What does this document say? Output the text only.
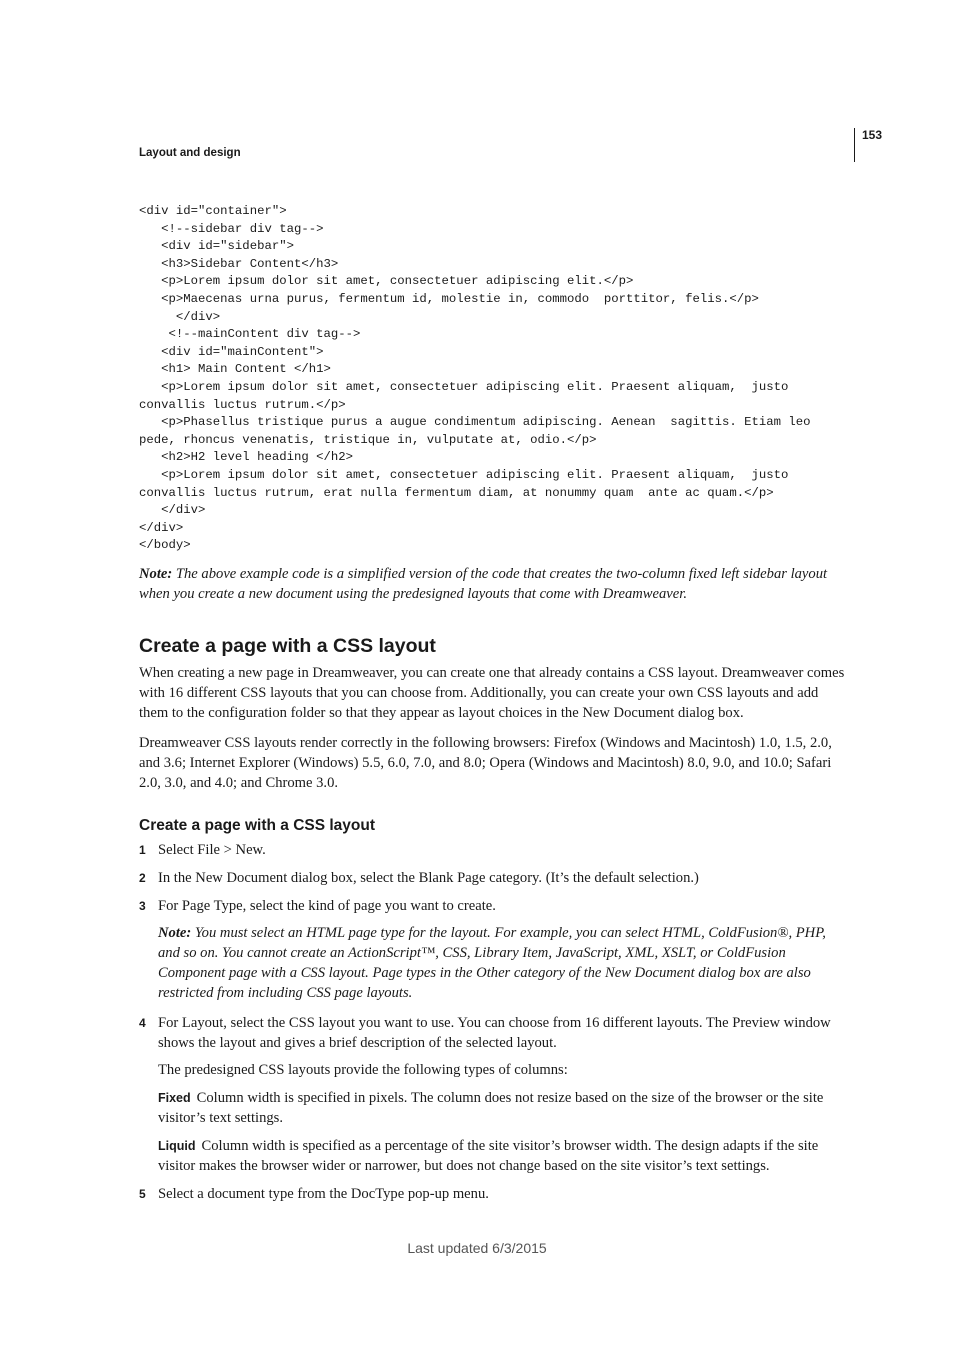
153
Layout and design
<div id="container">
<!--sidebar div tag-->
<div id="sidebar">
<h3>Sidebar Content</h3>
<p>Lorem ipsum dolor sit amet, consectetuer adipiscing elit.</p>
<p>Maecenas urna purus, fermentum id, molestie in, commodo  porttitor, felis.</p>
</div>
<!--mainContent div tag-->
<div id="mainContent">
<h1> Main Content </h1>
<p>Lorem ipsum dolor sit amet, consectetuer adipiscing elit. Praesent aliquam,  justo
convallis luctus rutrum.</p>
<p>Phasellus tristique purus a augue condimentum adipiscing. Aenean  sagittis. Etiam leo
pede, rhoncus venenatis, tristique in, vulputate at, odio.</p>
<h2>H2 level heading </h2>
<p>Lorem ipsum dolor sit amet, consectetuer adipiscing elit. Praesent aliquam,  justo
convallis luctus rutrum, erat nulla fermentum diam, at nonummy quam  ante ac quam.</p>
</div>
</div>
</body>

Note: The above example code is a simplified version of the code that creates the two-column fixed left sidebar layout when you create a new document using the predesigned layouts that come with Dreamweaver.

Create a page with a CSS layout

When creating a new page in Dreamweaver, you can create one that already contains a CSS layout. Dreamweaver comes with 16 different CSS layouts that you can choose from. Additionally, you can create your own CSS layouts and add them to the configuration folder so that they appear as layout choices in the New Document dialog box.

Dreamweaver CSS layouts render correctly in the following browsers: Firefox (Windows and Macintosh) 1.0, 1.5, 2.0, and 3.6; Internet Explorer (Windows) 5.5, 6.0, 7.0, and 8.0; Opera (Windows and Macintosh) 8.0, 9.0, and 10.0; Safari 2.0, 3.0, and 4.0; and Chrome 3.0.

Create a page with a CSS layout
1 Select File > New.

2 In the New Document dialog box, select the Blank Page category. (It’s the default selection.)

3 For Page Type, select the kind of page you want to create.

Note: You must select an HTML page type for the layout. For example, you can select HTML, ColdFusion®, PHP, and so on. You cannot create an ActionScript™, CSS, Library Item, JavaScript, XML, XSLT, or ColdFusion Component page with a CSS layout. Page types in the Other category of the New Document dialog box are also restricted from including CSS page layouts.

4 For Layout, select the CSS layout you want to use. You can choose from 16 different layouts. The Preview window shows the layout and gives a brief description of the selected layout.

The predesigned CSS layouts provide the following types of columns:

Fixed Column width is specified in pixels. The column does not resize based on the size of the browser or the site visitor’s text settings.

Liquid Column width is specified as a percentage of the site visitor’s browser width. The design adapts if the site visitor makes the browser wider or narrower, but does not change based on the site visitor’s text settings.

5 Select a document type from the DocType pop-up menu.

Last updated 6/3/2015
